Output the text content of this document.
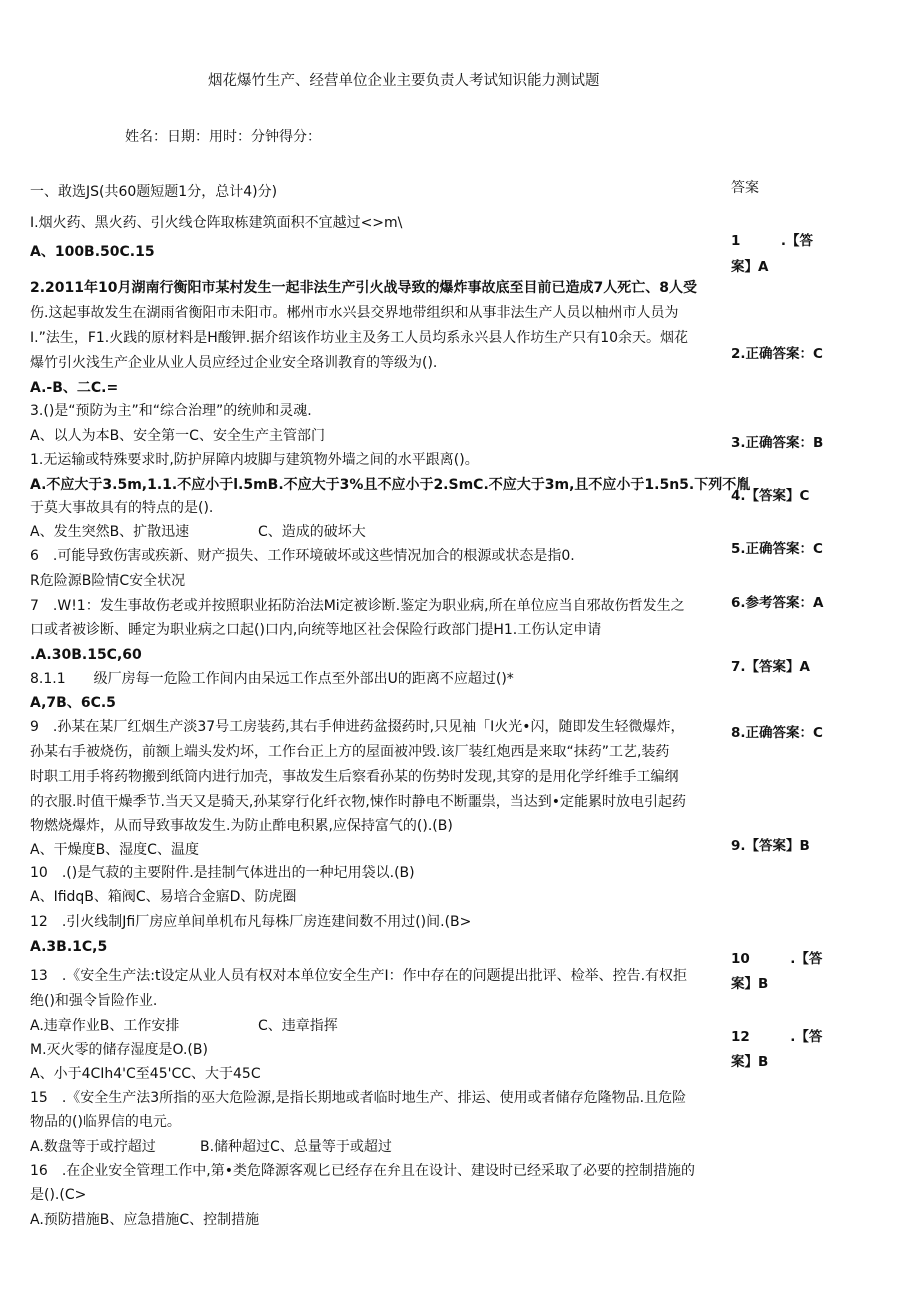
烟花爆竹生产、经营单位企业主要负责人考试知识能力测试题
姓名：日期：用时：分钟得分：
一、敢选JS(共60题短题1分，总计4)分)	答案
I.烟火药、黑火药、引火线仓阵取栋建筑面积不宜越过<>m\
A、100B.50C.15
2.2011年10月湖南行衡阳市某村发生一起非法生产引火战导致的爆炸事故底至目前已造成7人死亡、8人受
伤.这起事故发生在湖雨省衡阳市未阳市。郴州市水兴县交界地带组织和从事非法生产人员以柚州市人员为
I.”法生，F1.火践的原材料是H酸钾.据介绍该作坊业主及务工人员均系永兴县人作坊生产只有10余天。烟花
爆竹引火浅生产企业从业人员应经过企业安全珞训教育的等级为().
A.-B、二C.=
3.()是“预防为主”和“综合治理”的统帅和灵魂.
A、以人为本B、安全第一C、安全生产主管部门
1.无运输或特殊要求时,防护屏障内坡脚与建筑物外墙之间的水平跟离()。
A.不应大于3.5m,1.1.不应小于l.5mB.不应大于3%且不应小于2.SmC.不应大于3m,且不应小于1.5n5.下列不胤
于莫大事故具有的特点的是().
A、发生突然B、扩散迅速	C、造成的破坏大
6　.可能导致伤害或疾新、财产损失、工作环境破坏或这些情况加合的根源或状态是指0.
R危险源B险情C安全状况
7　.W!1：发生事故伤老或并按照职业拓防治法Mi定被诊断.鉴定为职业病,所在单位应当自邪故伤哲发生之
口或者被诊断、睡定为职业病之口起()口内,向统等地区社会保险行政部门提H1.工伤认定申请
.A.30B.15C,60
8.1.1　　级厂房每一危险工作间内由呆远工作点至外部出U的距离不应超过()*
A,7B、6C.5
9　.孙某在某厂红烟生产淡37号工房装药,其右手伸进药盆掇药时,只见袖「I火光•闪，随即发生轻微爆炸，
孙某右手被烧伤，前额上端头发灼坏，工作台正上方的屋面被冲毁.该厂装红炮西是来取“抹药”工艺,装药
时职工用手将药物搬到纸筒内进行加壳，事故发生后察看孙某的伤势时发现,其穿的是用化学纤维手工编纲
的衣服.时值干燥季节.当天又是骑天,孙某穿行化纤衣物,悚作时静电不断噩祟，当达到•定能累时放电引起药
物燃烧爆炸，从而导致事故发生.为防止酢电积累,应保持富气的().(B)
A、干燥度B、湿度C、温度
10　.()是气菽的主要附件.是挂制气体进出的一种圮用袋以.(B)
A、IfidqB、箱阀C、易培合金寤D、防虎圈
12　.引火线制Jfi厂房应单间单机布凡每株厂房连建间数不用过()间.(B>
A.3B.1C,5
13　.《安全生产法:t设定从业人员有权对本单位安全生产I：作中存在的问题提出批评、检举、控告.有权拒
绝()和强令旨险作业.
A.违章作业B、工作安排	C、违章指挥
M.灭火零的储存湿度是O.(B)
A、小于4CIh4'C至45'CC、大于45C
15　.《安全生产法3所指的巫大危险源,是指长期地或者临时地生产、排运、使用或者储存危隆物品.且危险
物品的()临界信的电元。
A.数盘等于或拧超过	B.储种超过C、总量等于或超过
16　.在企业安全管理工作中,第•类危降源客观匕已经存在弁且在设计、建设时已经采取了必要的控制措施的
是().(C>
A.预防措施B、应急措施C、控制措施
1　　　.【答
案】A
2.正确答案：C
3.正确答案：B
4.【答案】C
5.正确答案：C
6.参考答案：A
7.【答案】A
8.正确答案：C
9.【答案】B
10　　　.【答
案】B
12　　　.【答
案】B
